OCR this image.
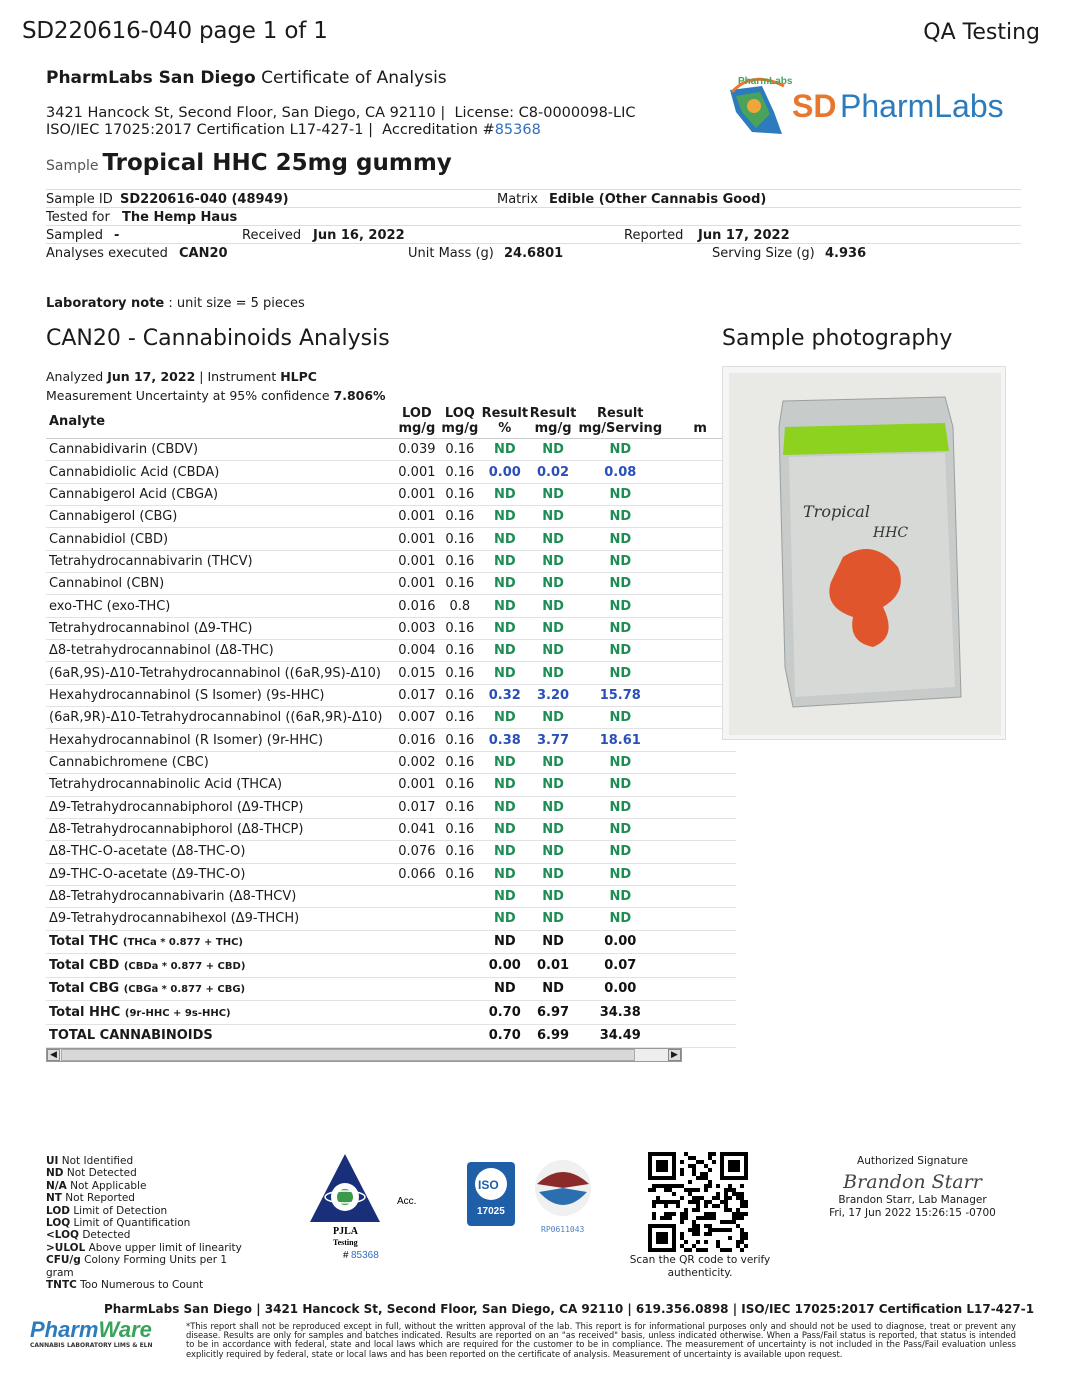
SD220616-040 page 1 of 1	QA Testing
PharmLabs San Diego Certificate of Analysis
3421 Hancock St, Second Floor, San Diego, CA 92110 |  License: C8-0000098-LIC
ISO/IEC 17025:2017 Certification L17-427-1 |  Accreditation #85368
PharmLabs
SD PharmLabs
Sample Tropical HHC 25mg gummy
Sample ID SD220616-040 (48949)	Matrix Edible (Other Cannabis Good)
Tested for The Hemp Haus
Sampled -	Received Jun 16, 2022	Reported Jun 17, 2022
Analyses executed CAN20	Unit Mass (g) 24.6801	Serving Size (g) 4.936
Laboratory note : unit size = 5 pieces
CAN20 - Cannabinoids Analysis	Sample photography
Analyzed Jun 17, 2022 | Instrument HLPC
Measurement Uncertainty at 95% confidence 7.806%
Analyte	LOD mg/g	LOQ mg/g	Result %	Result mg/g	Result mg/Serving	m
Cannabidivarin (CBDV)	0.039	0.16	ND	ND	ND	
Cannabidiolic Acid (CBDA)	0.001	0.16	0.00	0.02	0.08	
Cannabigerol Acid (CBGA)	0.001	0.16	ND	ND	ND	
Cannabigerol (CBG)	0.001	0.16	ND	ND	ND	
Cannabidiol (CBD)	0.001	0.16	ND	ND	ND	
Tetrahydrocannabivarin (THCV)	0.001	0.16	ND	ND	ND	
Cannabinol (CBN)	0.001	0.16	ND	ND	ND	
exo-THC (exo-THC)	0.016	0.8	ND	ND	ND	
Tetrahydrocannabinol (Δ9-THC)	0.003	0.16	ND	ND	ND	
Δ8-tetrahydrocannabinol (Δ8-THC)	0.004	0.16	ND	ND	ND	
(6aR,9S)-Δ10-Tetrahydrocannabinol ((6aR,9S)-Δ10)	0.015	0.16	ND	ND	ND	
Hexahydrocannabinol (S Isomer) (9s-HHC)	0.017	0.16	0.32	3.20	15.78	
(6aR,9R)-Δ10-Tetrahydrocannabinol ((6aR,9R)-Δ10)	0.007	0.16	ND	ND	ND	
Hexahydrocannabinol (R Isomer) (9r-HHC)	0.016	0.16	0.38	3.77	18.61	
Cannabichromene (CBC)	0.002	0.16	ND	ND	ND	
Tetrahydrocannabinolic Acid (THCA)	0.001	0.16	ND	ND	ND	
Δ9-Tetrahydrocannabiphorol (Δ9-THCP)	0.017	0.16	ND	ND	ND	
Δ8-Tetrahydrocannabiphorol (Δ8-THCP)	0.041	0.16	ND	ND	ND	
Δ8-THC-O-acetate (Δ8-THC-O)	0.076	0.16	ND	ND	ND	
Δ9-THC-O-acetate (Δ9-THC-O)	0.066	0.16	ND	ND	ND	
Δ8-Tetrahydrocannabivarin (Δ8-THCV)			ND	ND	ND	
Δ9-Tetrahydrocannabihexol (Δ9-THCH)			ND	ND	ND	
Total THC (THCa * 0.877 + THC)			ND	ND	0.00	
Total CBD (CBDa * 0.877 + CBD)			0.00	0.01	0.07	
Total CBG (CBGa * 0.877 + CBG)			ND	ND	0.00	
Total HHC (9r-HHC + 9s-HHC)			0.70	6.97	34.38	
TOTAL CANNABINOIDS			0.70	6.99	34.49	
◀	▶
Tropical
HHC
UI Not Identified
ND Not Detected
N/A Not Applicable
NT Not Reported
LOD Limit of Detection
LOQ Limit of Quantification
<LOQ Detected
>ULOL Above upper limit of linearity
CFU/g Colony Forming Units per 1 gram
TNTC Too Numerous to Count
Acc.
PJLA
Testing
# 85368
ISO
17025
RP0611043
Scan the QR code to verify authenticity.
Authorized Signature
Brandon Starr
Brandon Starr, Lab Manager
Fri, 17 Jun 2022 15:26:15 -0700
PharmLabs San Diego | 3421 Hancock St, Second Floor, San Diego, CA 92110 | 619.356.0898 | ISO/IEC 17025:2017 Certification L17-427-1
PharmWare
CANNABIS LABORATORY LIMS & ELN
*This report shall not be reproduced except in full, without the written approval of the lab. This report is for informational purposes only and should not be used to diagnose, treat or prevent any disease. Results are only for samples and batches indicated. Results are reported on an "as received" basis, unless indicated otherwise. When a Pass/Fail status is reported, that status is intended to be in accordance with federal, state and local laws which are required for the customer to be in compliance. The measurement of uncertainty is not included in the Pass/Fail evaluation unless explicitly required by federal, state or local laws and has been reported on the certificate of analysis. Measurement of uncertainty is available upon request.
